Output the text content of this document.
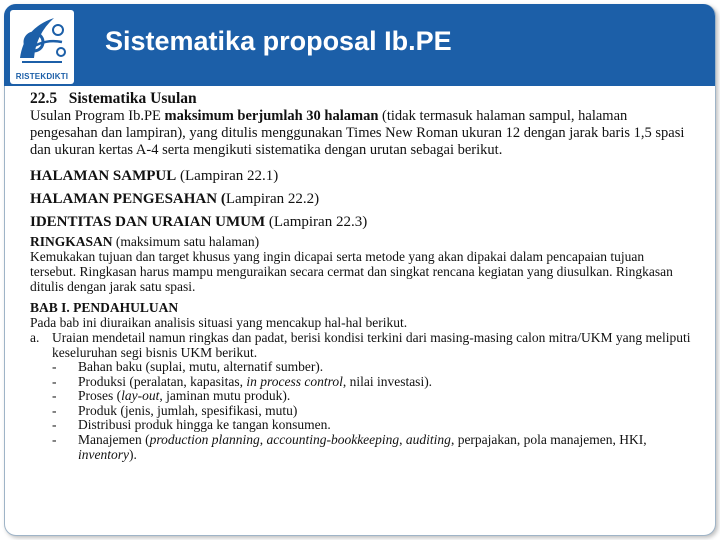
RISTEKDIKTI
Sistematika proposal Ib.PE
22.5 Sistematika Usulan

Usulan Program Ib.PE maksimum berjumlah 30 halaman (tidak termasuk halaman sampul, halaman pengesahan dan lampiran), yang ditulis menggunakan Times New Roman ukuran 12 dengan jarak baris 1,5 spasi dan ukuran kertas A-4 serta mengikuti sistematika dengan urutan sebagai berikut.

HALAMAN SAMPUL (Lampiran 22.1)
HALAMAN PENGESAHAN (Lampiran 22.2)
IDENTITAS DAN URAIAN UMUM (Lampiran 22.3)
RINGKASAN (maksimum satu halaman)
Kemukakan tujuan dan target khusus yang ingin dicapai serta metode yang akan dipakai dalam pencapaian tujuan tersebut. Ringkasan harus mampu menguraikan secara cermat dan singkat rencana kegiatan yang diusulkan. Ringkasan ditulis dengan jarak satu spasi.
BAB I. PENDAHULUAN
Pada bab ini diuraikan analisis situasi yang mencakup hal-hal berikut.
a. Uraian mendetail namun ringkas dan padat, berisi kondisi terkini dari masing-masing calon mitra/UKM yang meliputi keseluruhan segi bisnis UKM berikut.
-	Bahan baku (suplai, mutu, alternatif sumber).
-	Produksi (peralatan, kapasitas, in process control, nilai investasi).
-	Proses (lay-out, jaminan mutu produk).
-	Produk (jenis, jumlah, spesifikasi, mutu)
-	Distribusi produk hingga ke tangan konsumen.
-	Manajemen (production planning, accounting-bookkeeping, auditing, perpajakan, pola manajemen, HKI, inventory).
